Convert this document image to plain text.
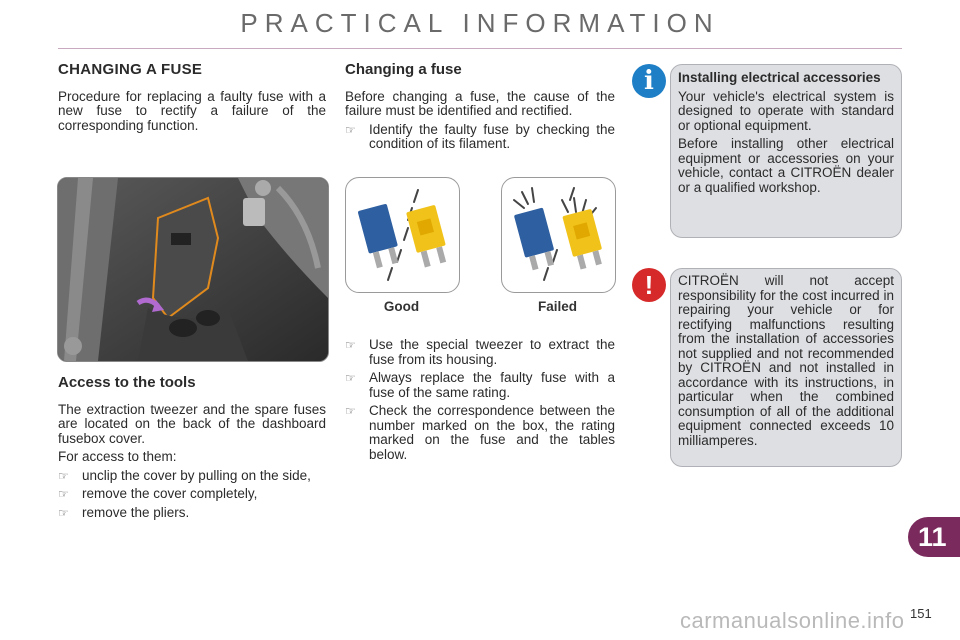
PRACTICAL INFORMATION
CHANGING A FUSE

Procedure for replacing a faulty fuse with a new fuse to rectify a failure of the corresponding function.

Access to the tools

The extraction tweezer and the spare fuses are located on the back of the dashboard fusebox cover.

For access to them:

☞ unclip the cover by pulling on the side,
☞ remove the cover completely,
☞ remove the pliers.
Changing a fuse

Before changing a fuse, the cause of the failure must be identified and rectified.

☞ Identify the faulty fuse by checking the condition of its filament.
Good	Failed
☞ Use the special tweezer to extract the fuse from its housing.
☞ Always replace the faulty fuse with a fuse of the same rating.
☞ Check the correspondence between the number marked on the box, the rating marked on the fuse and the tables below.
i	Installing electrical accessories

Your vehicle's electrical system is designed to operate with standard or optional equipment.

Before installing other electrical equipment or accessories on your vehicle, contact a CITROËN dealer or a qualified workshop.

!	CITROËN will not accept responsibility for the cost incurred in repairing your vehicle or for rectifying malfunctions resulting from the installation of accessories not supplied and not recommended by CITROËN and not installed in accordance with its instructions, in particular when the combined consumption of all of the additional equipment connected exceeds 10 milliamperes.

11
carmanualsonline.info 151
